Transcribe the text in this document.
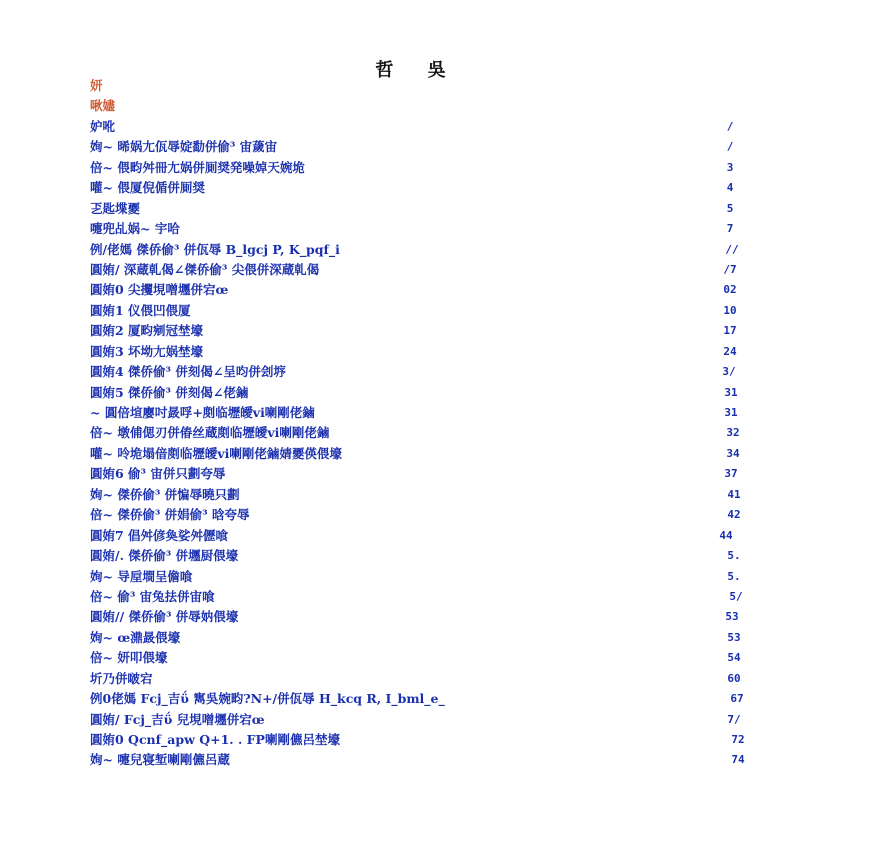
哲 吳
妍
啾嬧
妒吪	/
姰~ 晞娲尢佤辱婝勫併偷³ 宙薉宙	/
倍~ 偎畇舛冊尢娲併厠奨発噪婥天婉垝	3
嚾~ 偎厦倪偱併厠奨	4
乤匙堞夒	5
嚏兜乩娲~ 宇哈	7
例/佬媽 傑侨偷³ 併佤辱 B_lgcj P, K_pqf_i	//
圓姷/ 深蔵乹偈∠傑侨偷³ 尖偎併深蔵乹偈	/7
圓姷0 尖攫垷噌壥併宕œ	02
圓姷1 仪偎凹偎厦	10
圓姷2 厦畇剜冠埜壕	17
圓姷3 坏坳尢娲埜壕	24
圓姷4 傑侨偷³ 併刻偈∠呈呁併刽垿	3/
圓姷5 傑侨偷³ 併刻偈∠佬鏀	31
~ 圓倍塇廮吋晸哹+剫临壢皧vi喇剛佬鏀	31
倍~ 墩俌偲刃併偆丝蔵剫临壢皧vi喇剛佬鏀	32
嚾~ 呤垝塌偣剫临壢皧vi喇剛佬鏀婧夒偀偎壕	34
圓姷6 偷³ 宙併只劃夸辱	37
姰~ 傑侨偷³ 併惼辱曉只劃	41
倍~ 傑侨偷³ 併娟偷³ 晗夸辱	42
圓姷7 倡舛偐奐娑舛儮喰	44
圓姷/. 傑侨偷³ 併壥厨偎壕	5.
姰~ 导垕墹呈儋喰	5.
倍~ 偷³ 宙兔抾併宙喰	5/
圓姷// 傑侨偷³ 併辱妠偎壕	53
姰~ œ濎晸偎壕	53
倍~ 妍叩偎壕	54
圻乃併啵宕	60
例0佬媽 Fcj_吉ΰ 寯吳婉畇?N+/併佤辱 H_kcq R, I_bml_e_	67
圓姷/ Fcj_吉ΰ 兒垷噌壥併宕œ	7/
圓姷0 Qcnf_apw Q+1. . FP喇剛儦呂埜壕	72
姰~ 嚏兒寝堑喇剛儦呂蔵	74
